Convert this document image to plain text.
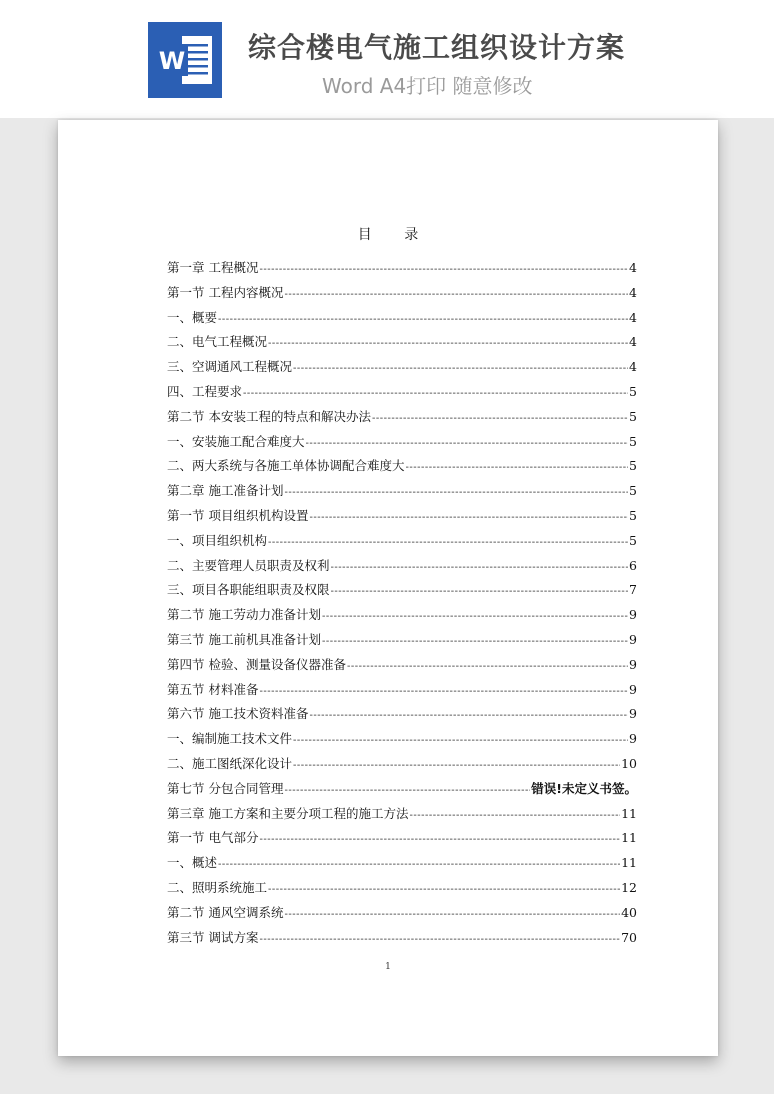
W 综合楼电气施工组织设计方案
Word A4打印 随意修改
目 录
第一章 工程概况 -----	4
第一节 工程内容概况 -----	4
一、概要 -----	4
二、电气工程概况 -----	4
三、空调通风工程概况 -----	4
四、工程要求 -----	5
第二节 本安装工程的特点和解决办法 -----	5
一、安装施工配合难度大 -----	5
二、两大系统与各施工单体协调配合难度大 -----	5
第二章 施工准备计划 -----	5
第一节 项目组织机构设置 -----	5
一、项目组织机构 -----	5
二、主要管理人员职责及权利 -----	6
三、项目各职能组职责及权限 -----	7
第二节 施工劳动力准备计划 -----	9
第三节 施工前机具准备计划 -----	9
第四节 检验、测量设备仪器准备 -----	9
第五节 材料准备 -----	9
第六节 施工技术资料准备 -----	9
一、编制施工技术文件 -----	9
二、施工图纸深化设计 -----	10
第七节 分包合同管理 -----	错误!未定义书签。
第三章 施工方案和主要分项工程的施工方法 -----	11
第一节 电气部分 -----	11
一、概述 -----	11
二、照明系统施工 -----	12
第二节 通风空调系统 -----	40
第三节 调试方案 -----	70
1
